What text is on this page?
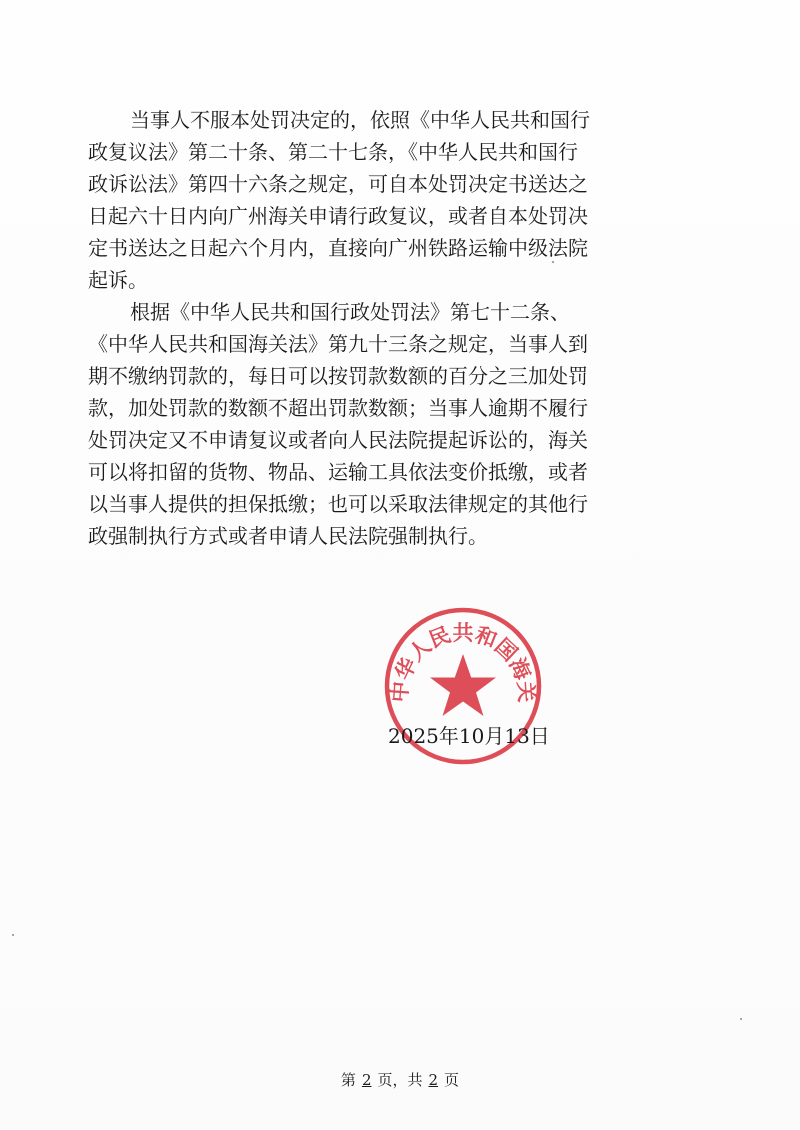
当事人不服本处罚决定的，依照《中华人民共和国行
政复议法》第二十条、第二十七条，《中华人民共和国行
政诉讼法》第四十六条之规定，可自本处罚决定书送达之
日起六十日内向广州海关申请行政复议，或者自本处罚决
定书送达之日起六个月内，直接向广州铁路运输中级法院
起诉。

根据《中华人民共和国行政处罚法》第七十二条、
《中华人民共和国海关法》第九十三条之规定，当事人到
期不缴纳罚款的，每日可以按罚款数额的百分之三加处罚
款，加处罚款的数额不超出罚款数额；当事人逾期不履行
处罚决定又不申请复议或者向人民法院提起诉讼的，海关
可以将扣留的货物、物品、运输工具依法变价抵缴，或者
以当事人提供的担保抵缴；也可以采取法律规定的其他行
政强制执行方式或者申请人民法院强制执行。

中华人民共和国海关
2025年10月13日
第 2 页，共 2 页
